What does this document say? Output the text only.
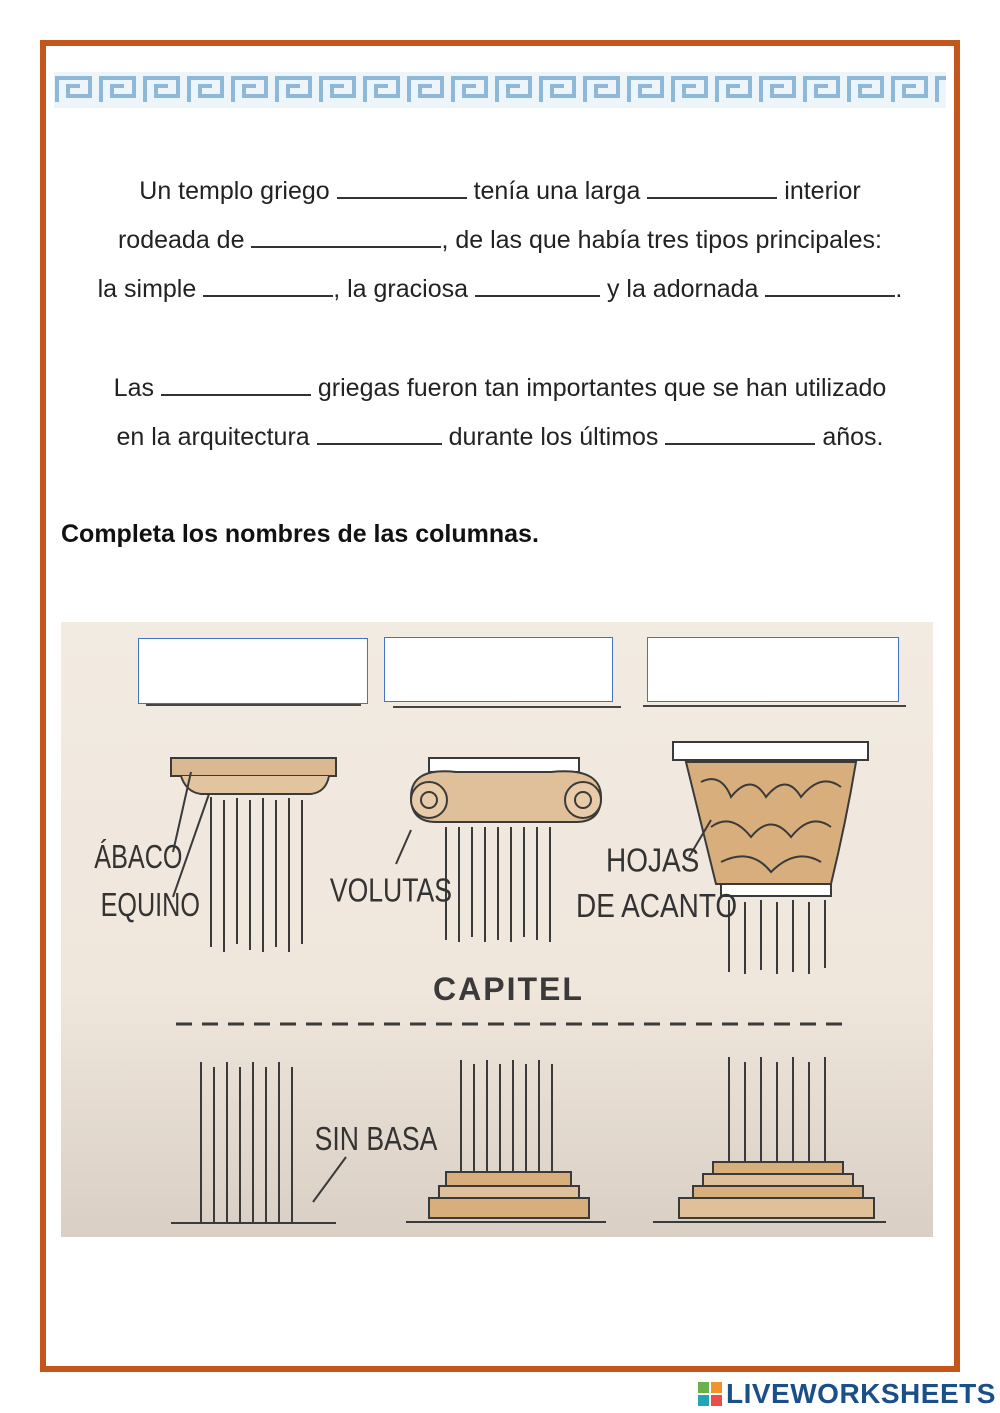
Un templo griego	tenía una larga	interior

rodeada de	, de las que había tres tipos principales:

la simple	, la graciosa	y la adornada	.

Las	griegas fueron tan importantes que se han utilizado

en la arquitectura	durante los últimos	años.

Completa los nombres de las columnas.
ÁBACO
EQUINO	VOLUTAS
HOJAS
DE ACANTO
CAPITEL
SIN BASA
LIVEWORKSHEETS
